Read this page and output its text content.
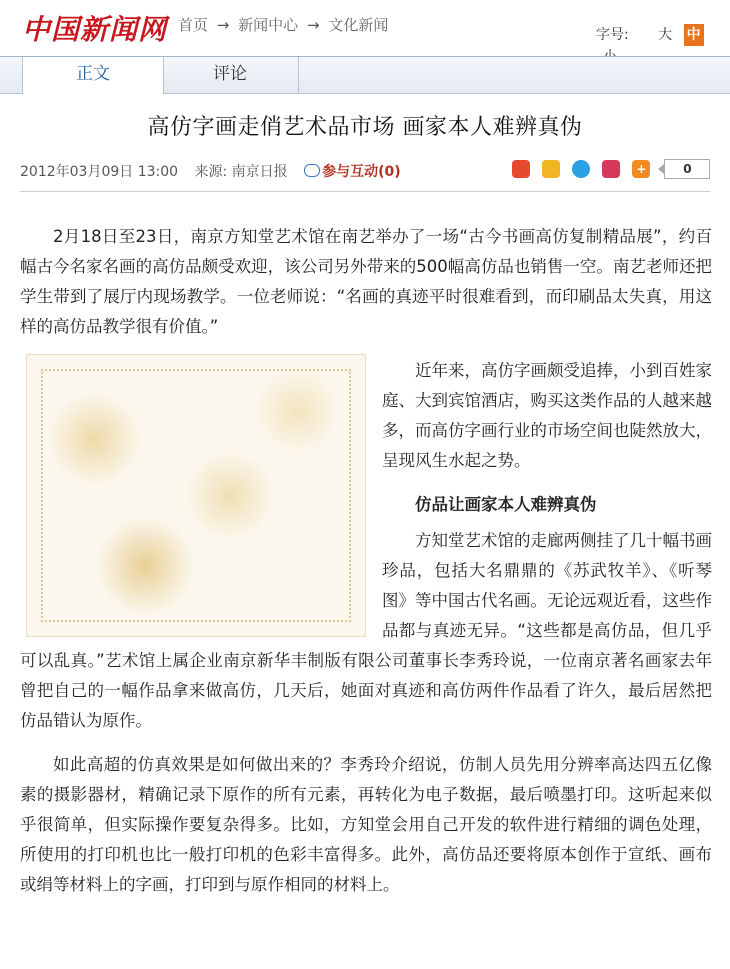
中国新闻网 首页 → 新闻中心 → 文化新闻
字号: 大 中
正文	评论
高仿字画走俏艺术品市场 画家本人难辨真伪
2012年03月09日 13:00 来源: 南京日报 参与互动(0)	+	0

2月18日至23日，南京方知堂艺术馆在南艺举办了一场“古今书画高仿复制精品展”，约百幅古今名家名画的高仿品颇受欢迎，该公司另外带来的500幅高仿品也销售一空。南艺老师还把学生带到了展厅内现场教学。一位老师说：“名画的真迹平时很难看到，而印刷品太失真，用这样的高仿品教学很有价值。”

近年来，高仿字画颇受追捧，小到百姓家庭、大到宾馆酒店，购买这类作品的人越来越多，而高仿字画行业的市场空间也陡然放大，呈现风生水起之势。

仿品让画家本人难辨真伪

方知堂艺术馆的走廊两侧挂了几十幅书画珍品，包括大名鼎鼎的《苏武牧羊》、《听琴图》等中国古代名画。无论远观近看，这些作品都与真迹无异。“这些都是高仿品，但几乎可以乱真。”艺术馆上属企业南京新华丰制版有限公司董事长李秀玲说，一位南京著名画家去年曾把自己的一幅作品拿来做高仿，几天后，她面对真迹和高仿两件作品看了许久，最后居然把仿品错认为原作。

如此高超的仿真效果是如何做出来的？李秀玲介绍说，仿制人员先用分辨率高达四五亿像素的摄影器材，精确记录下原作的所有元素，再转化为电子数据，最后喷墨打印。这听起来似乎很简单，但实际操作要复杂得多。比如，方知堂会用自己开发的软件进行精细的调色处理，所使用的打印机也比一般打印机的色彩丰富得多。此外，高仿品还要将原本创作于宣纸、画布或绢等材料上的字画，打印到与原作相同的材料上。
